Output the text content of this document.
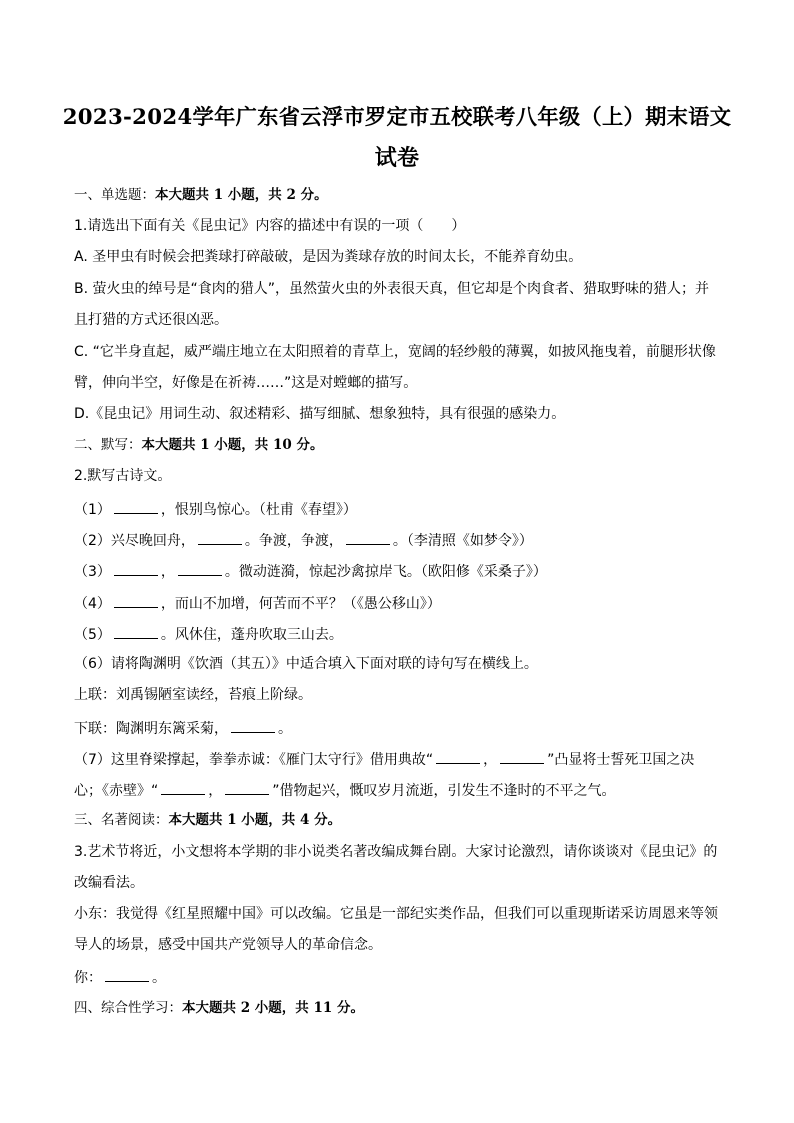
2023-2024学年广东省云浮市罗定市五校联考八年级（上）期末语文
试卷
一、单选题：本大题共 1 小题，共 2 分。
1.请选出下面有关《昆虫记》内容的描述中有误的一项（　　）
A. 圣甲虫有时候会把粪球打碎敲破，是因为粪球存放的时间太长，不能养育幼虫。
B. 萤火虫的绰号是“食肉的猎人”，虽然萤火虫的外表很天真，但它却是个肉食者、猎取野味的猎人；并
且打猎的方式还很凶恶。
C. “它半身直起，威严端庄地立在太阳照着的青草上，宽阔的轻纱般的薄翼，如披风拖曳着，前腿形状像
臂，伸向半空，好像是在祈祷……”这是对螳螂的描写。
D.《昆虫记》用词生动、叙述精彩、描写细腻、想象独特，具有很强的感染力。
二、默写：本大题共 1 小题，共 10 分。
2.默写古诗文。
（1）	，恨别鸟惊心。（杜甫《春望》）
（2）兴尽晚回舟，	。争渡，争渡，	。（李清照《如梦令》）
（3）	，	。微动涟漪，惊起沙禽掠岸飞。（欧阳修《采桑子》）
（4）	，而山不加增，何苦而不平？（《愚公移山》）
（5）	。风休住，蓬舟吹取三山去。
（6）请将陶渊明《饮酒（其五）》中适合填入下面对联的诗句写在横线上。
上联：刘禹锡陋室读经，苔痕上阶绿。
下联：陶渊明东篱采菊，	。
（7）这里脊梁撑起，拳拳赤诚：《雁门太守行》借用典故“	，	”凸显将士誓死卫国之决
心；《赤壁》“	，	”借物起兴，慨叹岁月流逝，引发生不逢时的不平之气。
三、名著阅读：本大题共 1 小题，共 4 分。
3.艺术节将近，小文想将本学期的非小说类名著改编成舞台剧。大家讨论激烈，请你谈谈对《昆虫记》的
改编看法。
小东：我觉得《红星照耀中国》可以改编。它虽是一部纪实类作品，但我们可以重现斯诺采访周恩来等领
导人的场景，感受中国共产党领导人的革命信念。
你：	。
四、综合性学习：本大题共 2 小题，共 11 分。
